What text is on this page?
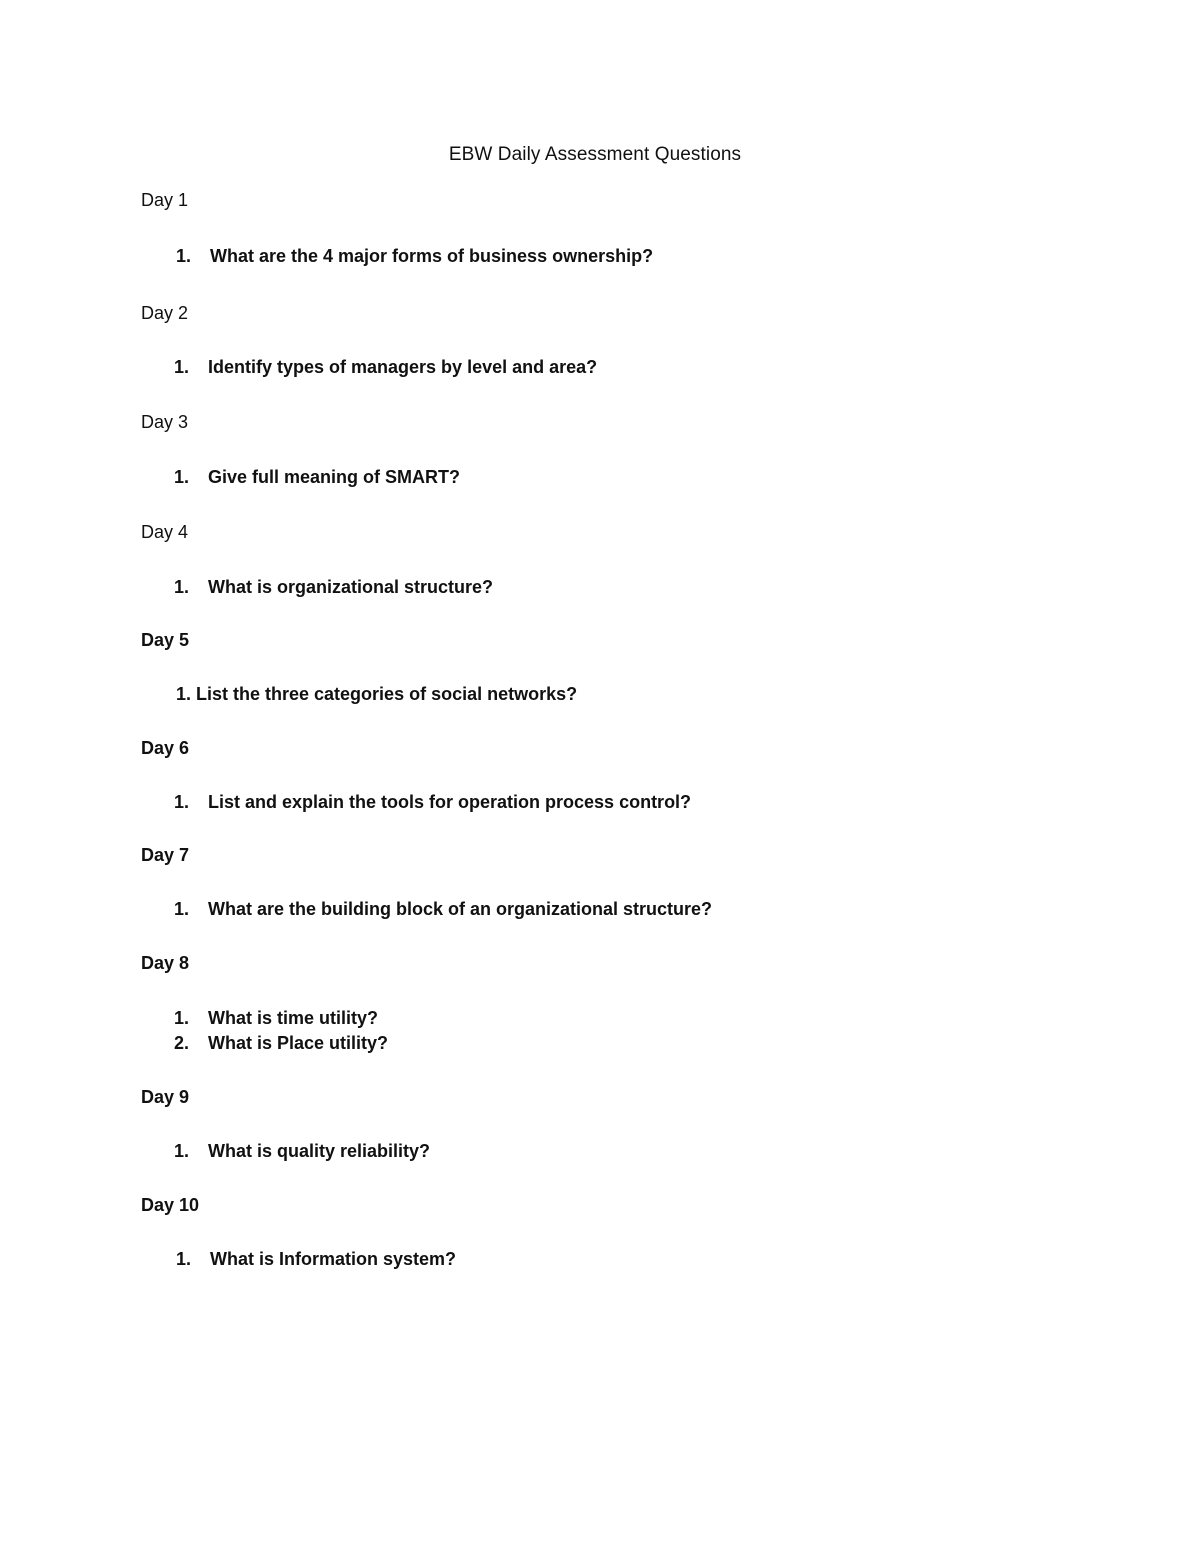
EBW Daily Assessment Questions
Day 1
1. What are the 4 major forms of business ownership?
Day 2
1. Identify types of managers by level and area?
Day 3
1. Give full meaning of SMART?
Day 4
1. What is organizational structure?
Day 5
1. List the three categories of social networks?
Day 6
1. List and explain the tools for operation process control?
Day 7
1. What are the building block of an organizational structure?
Day 8
1. What is time utility?
2. What is Place utility?
Day 9
1. What is quality reliability?
Day 10
1. What is Information system?
